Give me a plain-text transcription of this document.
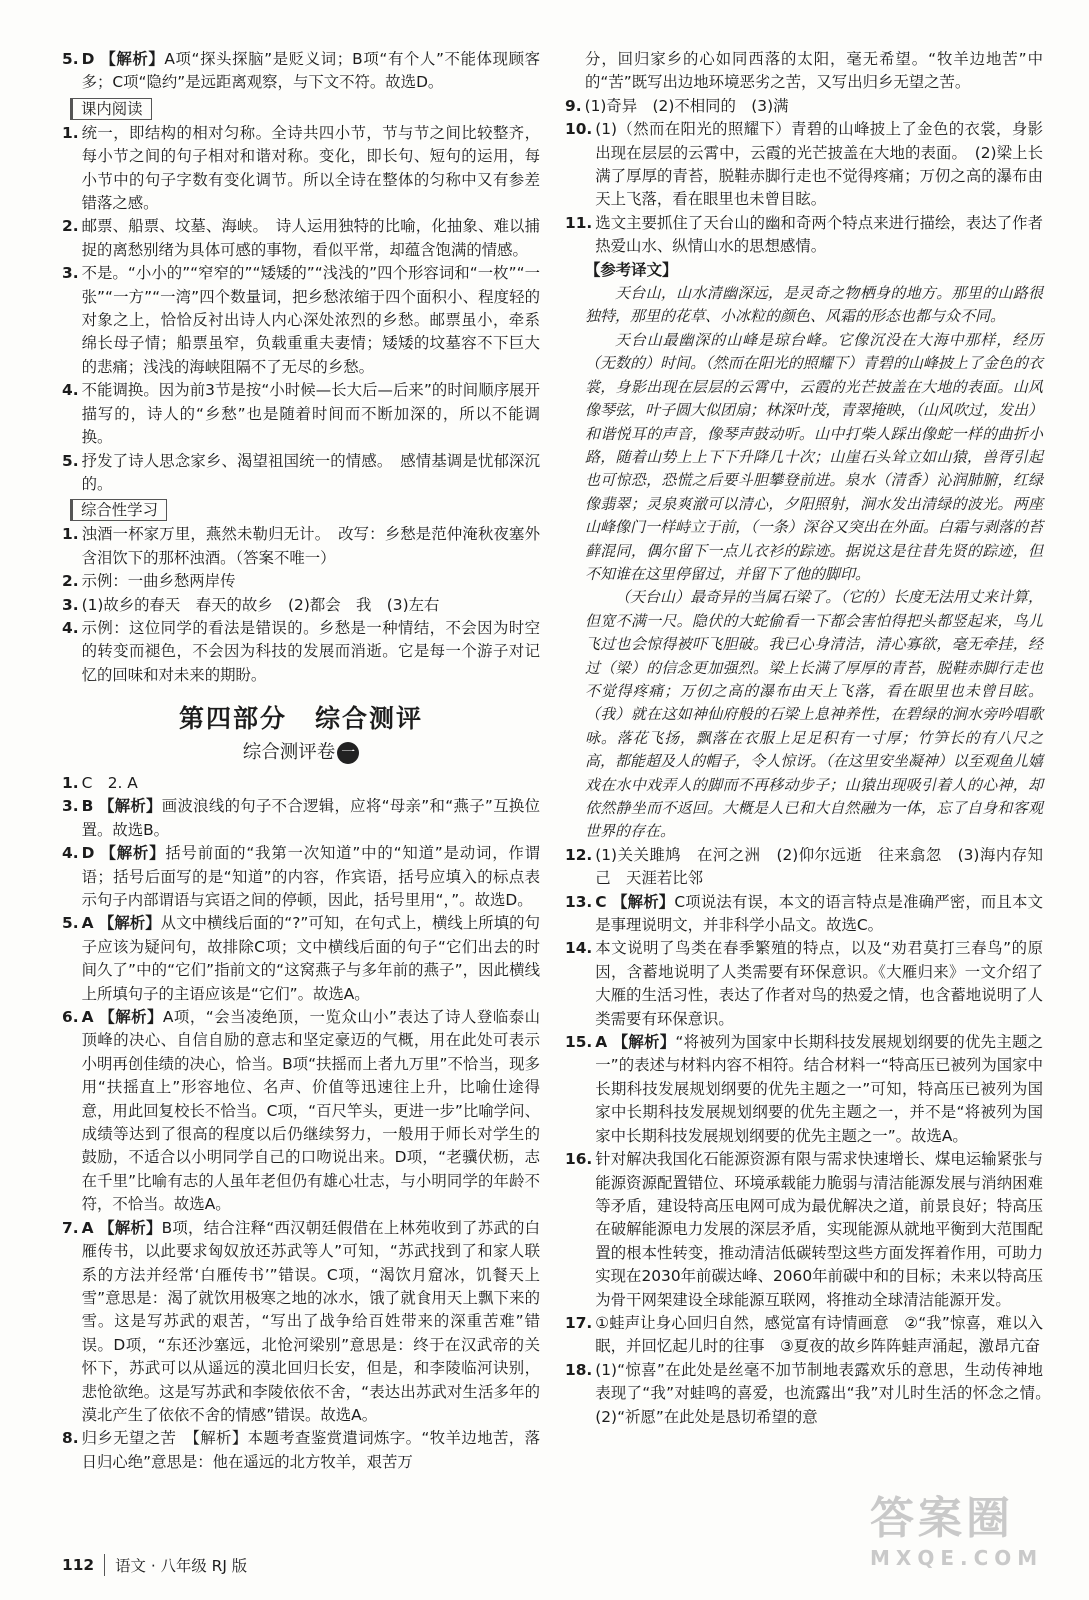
5. D 【解析】A项“探头探脑”是贬义词；B项“有个人”不能体现顾客多；C项“隐约”是远距离观察，与下文不符。故选D。
课内阅读
1. 统一，即结构的相对匀称。全诗共四小节，节与节之间比较整齐，每小节之间的句子相对和谐对称。变化，即长句、短句的运用，每小节中的句子字数有变化调节。所以全诗在整体的匀称中又有参差错落之感。
2. 邮票、船票、坟墓、海峡。　诗人运用独特的比喻，化抽象、难以捕捉的离愁别绪为具体可感的事物，看似平常，却蕴含饱满的情感。
3. 不是。“小小的”“窄窄的”“矮矮的”“浅浅的”四个形容词和“一枚”“一张”“一方”“一湾”四个数量词，把乡愁浓缩于四个面积小、程度轻的对象之上，恰恰反衬出诗人内心深处浓烈的乡愁。邮票虽小，牵系绵长母子情；船票虽窄，负载重重夫妻情；矮矮的坟墓容不下巨大的悲痛；浅浅的海峡阻隔不了无尽的乡愁。
4. 不能调换。因为前3节是按“小时候—长大后—后来”的时间顺序展开描写的，诗人的“乡愁”也是随着时间而不断加深的，所以不能调换。
5. 抒发了诗人思念家乡、渴望祖国统一的情感。　感情基调是忧郁深沉的。
综合性学习
1. 浊酒一杯家万里，燕然未勒归无计。　改写：乡愁是范仲淹秋夜塞外含泪饮下的那杯浊酒。（答案不唯一）
2. 示例：一曲乡愁两岸传
3. (1)故乡的春天　春天的故乡　(2)都会　我　(3)左右
4. 示例：这位同学的看法是错误的。乡愁是一种情结，不会因为时空的转变而褪色，不会因为科技的发展而消逝。它是每一个游子对记忆的回味和对未来的期盼。
第四部分 综合测评
综合测评卷 一
1. C　2. A
3. B 【解析】画波浪线的句子不合逻辑，应将“母亲”和“燕子”互换位置。故选B。
4. D 【解析】括号前面的“我第一次知道”中的“知道”是动词，作谓语；括号后面写的是“知道”的内容，作宾语，括号应填入的标点表示句子内部谓语与宾语之间的停顿，因此，括号里用“，”。故选D。
5. A 【解析】从文中横线后面的“?”可知，在句式上，横线上所填的句子应该为疑问句，故排除C项；文中横线后面的句子“它们出去的时间久了”中的“它们”指前文的“这窝燕子与多年前的燕子”，因此横线上所填句子的主语应该是“它们”。故选A。
6. A 【解析】A项，“会当凌绝顶，一览众山小”表达了诗人登临泰山顶峰的决心、自信自励的意志和坚定豪迈的气概，用在此处可表示小明再创佳绩的决心，恰当。B项“扶摇而上者九万里”不恰当，现多用“扶摇直上”形容地位、名声、价值等迅速往上升，比喻仕途得意，用此回复校长不恰当。C项，“百尺竿头，更进一步”比喻学问、成绩等达到了很高的程度以后仍继续努力，一般用于师长对学生的鼓励，不适合以小明同学自己的口吻说出来。D项，“老骥伏枥，志在千里”比喻有志的人虽年老但仍有雄心壮志，与小明同学的年龄不符，不恰当。故选A。
7. A 【解析】B项，结合注释“西汉朝廷假借在上林苑收到了苏武的白雁传书，以此要求匈奴放还苏武等人”可知，“苏武找到了和家人联系的方法并经常‘白雁传书’”错误。C项，“渴饮月窟冰，饥餐天上雪”意思是：渴了就饮用极寒之地的冰水，饿了就食用天上飘下来的雪。这是写苏武的艰苦，“写出了战争给百姓带来的深重苦难”错误。D项，“东还沙塞远，北怆河梁别”意思是：终于在汉武帝的关怀下，苏武可以从遥远的漠北回归长安，但是，和李陵临河诀别，悲怆欲绝。这是写苏武和李陵依依不舍，“表达出苏武对生活多年的漠北产生了依依不舍的情感”错误。故选A。
8. 归乡无望之苦　【解析】本题考查鉴赏遣词炼字。“牧羊边地苦，落日归心绝”意思是：他在遥远的北方牧羊，艰苦万

分，回归家乡的心如同西落的太阳，毫无希望。“牧羊边地苦”中的“苦”既写出边地环境恶劣之苦，又写出归乡无望之苦。

9. (1)奇异　(2)不相同的　(3)满
10. (1)（然而在阳光的照耀下）青碧的山峰披上了金色的衣裳，身影出现在层层的云霄中，云霞的光芒披盖在大地的表面。　(2)梁上长满了厚厚的青苔，脱鞋赤脚行走也不觉得疼痛；万仞之高的瀑布由天上飞落，看在眼里也未曾目眩。
11. 选文主要抓住了天台山的幽和奇两个特点来进行描绘，表达了作者热爱山水、纵情山水的思想感情。
【参考译文】

天台山，山水清幽深远，是灵奇之物栖身的地方。那里的山路很独特，那里的花草、小冰粒的颜色、风霜的形态也都与众不同。

天台山最幽深的山峰是琼台峰。它像沉没在大海中那样，经历（无数的）时间。（然而在阳光的照耀下）青碧的山峰披上了金色的衣裳，身影出现在层层的云霄中，云霞的光芒披盖在大地的表面。山风像琴弦，叶子圆大似团扇；林深叶茂，青翠掩映，（山风吹过，发出）和谐悦耳的声音，像琴声鼓动听。山中打柴人踩出像蛇一样的曲折小路，随着山势上上下下升降几十次；山崖石头耸立如山猿，兽胥引起也可惊恐，恐慌之后要斗胆攀登前进。泉水（清香）沁润肺腑，红绿像翡翠；灵泉爽澈可以清心，夕阳照射，涧水发出清绿的波光。两座山峰像门一样峙立于前，（一条）深谷又突出在外面。白霜与剥落的苔藓混同，偶尔留下一点儿衣衫的踪迹。据说这是往昔先贤的踪迹，但不知谁在这里停留过，并留下了他的脚印。

（天台山）最奇异的当属石梁了。（它的）长度无法用丈来计算，但宽不满一尺。隐伏的大蛇偷看一下都会害怕得把头都竖起来，鸟儿飞过也会惊得被吓飞胆破。我已心身清洁，清心寡欲，毫无牵挂，经过（梁）的信念更加强烈。梁上长满了厚厚的青苔，脱鞋赤脚行走也不觉得疼痛；万仞之高的瀑布由天上飞落，看在眼里也未曾目眩。（我）就在这如神仙府般的石梁上息神养性，在碧绿的涧水旁吟唱歌咏。落花飞扬，飘落在衣服上足足积有一寸厚；竹笋长的有八尺之高，都能超及人的帽子，令人惊讶。（在这里安坐凝神）以至观鱼儿嬉戏在水中戏弄人的脚而不再移动步子；山猿出现吸引着人的心神，却依然静坐而不返回。大概是人已和大自然融为一体，忘了自身和客观世界的存在。

12. (1)关关雎鸠　在河之洲　(2)仰尔远逝　往来翕忽　(3)海内存知己　天涯若比邻
13. C 【解析】C项说法有误，本文的语言特点是准确严密，而且本文是事理说明文，并非科学小品文。故选C。
14. 本文说明了鸟类在春季繁殖的特点，以及“劝君莫打三春鸟”的原因，含蓄地说明了人类需要有环保意识。《大雁归来》一文介绍了大雁的生活习性，表达了作者对鸟的热爱之情，也含蓄地说明了人类需要有环保意识。
15. A 【解析】“将被列为国家中长期科技发展规划纲要的优先主题之一”的表述与材料内容不相符。结合材料一“特高压已被列为国家中长期科技发展规划纲要的优先主题之一”可知，特高压已被列为国家中长期科技发展规划纲要的优先主题之一，并不是“将被列为国家中长期科技发展规划纲要的优先主题之一”。故选A。
16. 针对解决我国化石能源资源有限与需求快速增长、煤电运输紧张与能源资源配置错位、环境承载能力脆弱与清洁能源发展与消纳困难等矛盾，建设特高压电网可成为最优解决之道，前景良好；特高压在破解能源电力发展的深层矛盾，实现能源从就地平衡到大范围配置的根本性转变，推动清洁低碳转型这些方面发挥着作用，可助力实现在2030年前碳达峰、2060年前碳中和的目标；未来以特高压为骨干网架建设全球能源互联网，将推动全球清洁能源开发。
17. ①蛙声让身心回归自然，感觉富有诗情画意　②“我”惊喜，难以入眠，并回忆起儿时的往事　③夏夜的故乡阵阵蛙声涌起，激昂亢奋
18. (1)“惊喜”在此处是丝毫不加节制地表露欢乐的意思，生动传神地表现了“我”对蛙鸣的喜爱，也流露出“我”对儿时生活的怀念之情。　(2)“祈愿”在此处是恳切希望的意
112 语文 · 八年级 RJ 版
答案圈
MXQE.COM
